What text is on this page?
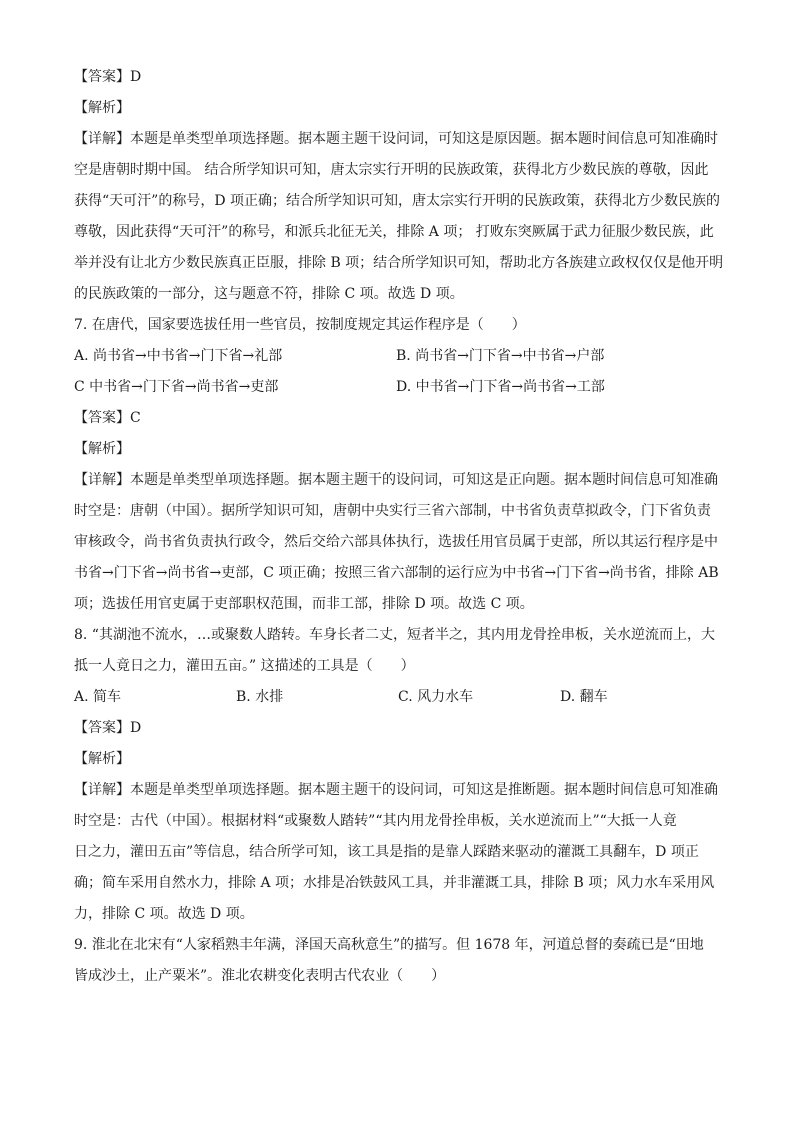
【答案】D
【解析】
【详解】本题是单类型单项选择题。据本题主题干设问词，可知这是原因题。据本题时间信息可知准确时
空是唐朝时期中国。 结合所学知识可知，唐太宗实行开明的民族政策，获得北方少数民族的尊敬，因此
获得“天可汗”的称号，D 项正确；结合所学知识可知，唐太宗实行开明的民族政策，获得北方少数民族的
尊敬，因此获得“天可汗”的称号，和派兵北征无关，排除 A 项； 打败东突厥属于武力征服少数民族，此
举并没有让北方少数民族真正臣服，排除 B 项；结合所学知识可知，帮助北方各族建立政权仅仅是他开明
的民族政策的一部分，这与题意不符，排除 C 项。故选 D 项。
7. 在唐代，国家要选拔任用一些官员，按制度规定其运作程序是（　　）
A. 尚书省→中书省→门下省→礼部	B. 尚书省→门下省→中书省→户部
C 中书省→门下省→尚书省→吏部	D. 中书省→门下省→尚书省→工部
【答案】C
【解析】
【详解】本题是单类型单项选择题。据本题主题干的设问词，可知这是正向题。据本题时间信息可知准确
时空是：唐朝（中国）。据所学知识可知，唐朝中央实行三省六部制，中书省负责草拟政令，门下省负责
审核政令，尚书省负责执行政令，然后交给六部具体执行，选拔任用官员属于吏部，所以其运行程序是中
书省→门下省→尚书省→吏部，C 项正确；按照三省六部制的运行应为中书省→门下省→尚书省，排除 AB
项；选拔任用官吏属于吏部职权范围，而非工部，排除 D 项。故选 C 项。
8. “其湖池不流水，…或聚数人踏转。车身长者二丈，短者半之，其内用龙骨拴串板，关水逆流而上，大
抵一人竟日之力，灌田五亩。” 这描述的工具是（　　）
A. 简车	B. 水排	C. 风力水车	D. 翻车
【答案】D
【解析】
【详解】本题是单类型单项选择题。据本题主题干的设问词，可知这是推断题。据本题时间信息可知准确
时空是：古代（中国）。根据材料“或聚数人踏转”“其内用龙骨拴串板，关水逆流而上”“大抵一人竟
日之力，灌田五亩”等信息，结合所学可知，该工具是指的是靠人踩踏来驱动的灌溉工具翻车，D 项正
确；简车采用自然水力，排除 A 项；水排是冶铁鼓风工具，并非灌溉工具，排除 B 项；风力水车采用风
力，排除 C 项。故选 D 项。
9. 淮北在北宋有“人家稻熟丰年满，泽国天高秋意生”的描写。但 1678 年，河道总督的奏疏已是“田地
皆成沙土，止产粟米”。淮北农耕变化表明古代农业（　　）
